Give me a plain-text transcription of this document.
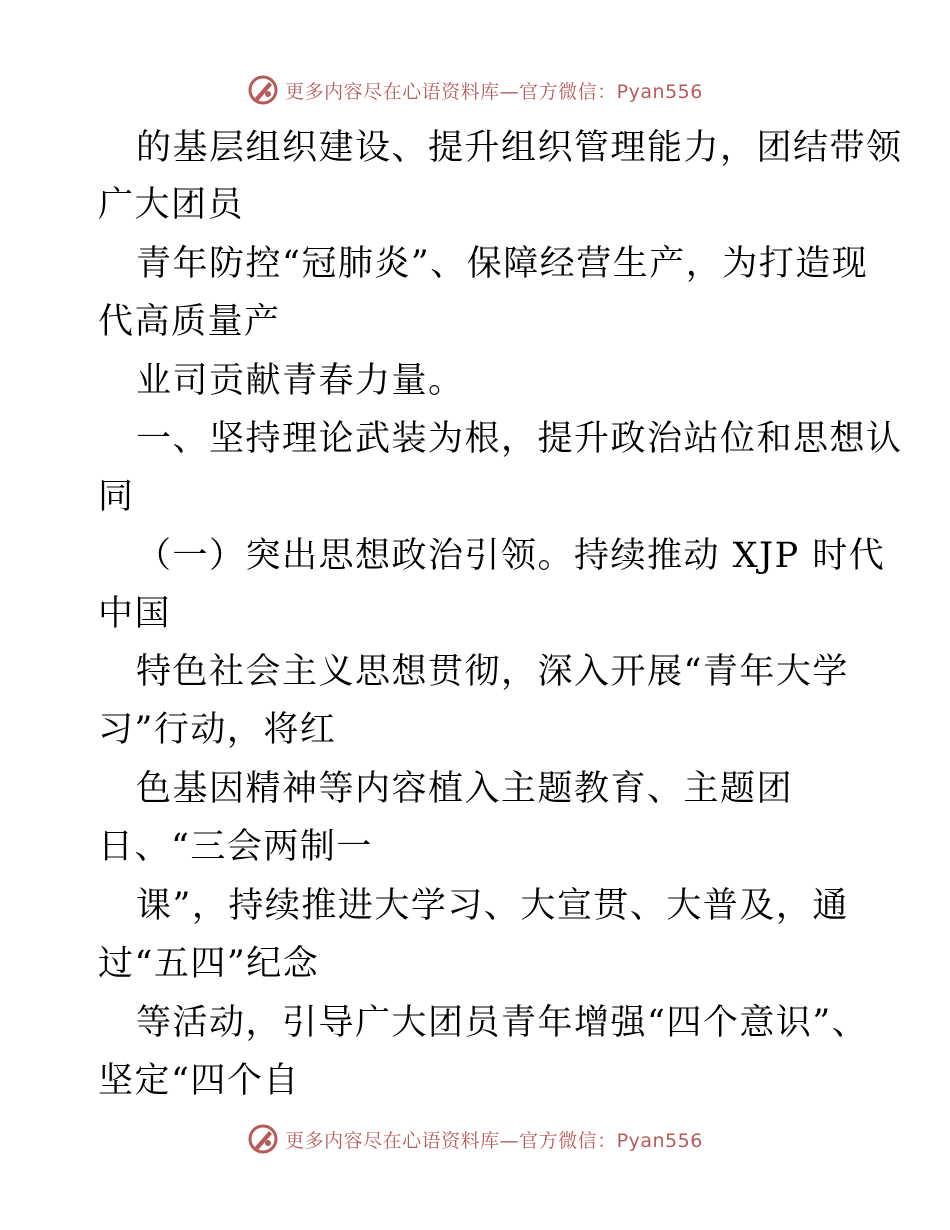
更多内容尽在心语资料库—官方微信：Pyan556
的基层组织建设、提升组织管理能力，团结带领
广大团员
青年防控“冠肺炎”、保障经营生产，为打造现
代高质量产
业司贡献青春力量。
一、坚持理论武装为根，提升政治站位和思想认
同
（一）突出思想政治引领。持续推动 XJP 时代
中国
特色社会主义思想贯彻，深入开展“青年大学
习”行动，将红
色基因精神等内容植入主题教育、主题团
日、“三会两制一
课”，持续推进大学习、大宣贯、大普及，通
过“五四”纪念
等活动，引导广大团员青年增强“四个意识”、
坚定“四个自
更多内容尽在心语资料库—官方微信：Pyan556
